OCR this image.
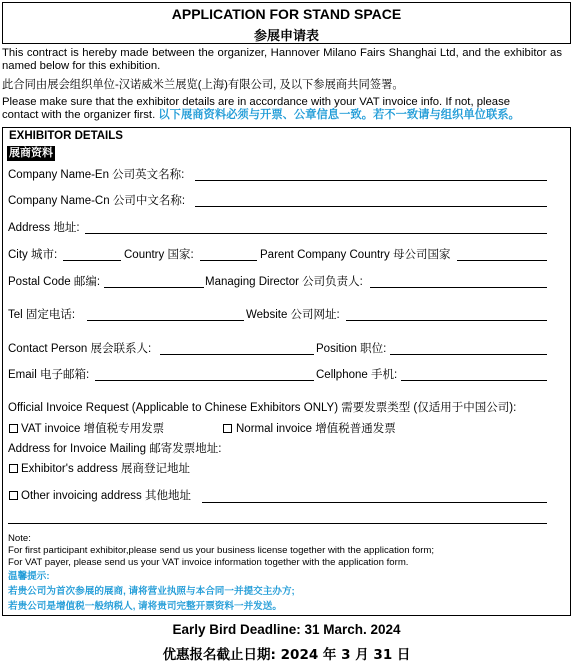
APPLICATION FOR STAND SPACE
参展申请表
This contract is hereby made between the organizer, Hannover Milano Fairs Shanghai Ltd, and the exhibitor as named below for this exhibition.
此合同由展会组织单位-汉诺威米兰展览(上海)有限公司, 及以下参展商共同签署。
Please make sure that the exhibitor details are in accordance with your VAT invoice info. If not, please
contact with the organizer first. 以下展商资料必须与开票、公章信息一致。若不一致请与组织单位联系。
EXHIBITOR DETAILS
展商资料
Company Name-En 公司英文名称:
Company Name-Cn 公司中文名称:
Address 地址:
City 城市:	Country 国家:	Parent Company Country 母公司国家
Postal Code 邮编:	Managing Director 公司负责人:
Tel 固定电话:	Website 公司网址:
Contact Person 展会联系人:	Position 职位:
Email 电子邮箱:	Cellphone 手机:
Official Invoice Request (Applicable to Chinese Exhibitors ONLY) 需要发票类型 (仅适用于中国公司):
VAT invoice 增值税专用发票	Normal invoice 增值税普通发票
Address for Invoice Mailing 邮寄发票地址:
Exhibitor's address 展商登记地址
Other invoicing address 其他地址
Note:
For first participant exhibitor,please send us your business license together with the application form;
For VAT payer, please send us your VAT invoice information together with the application form.
温馨提示:
若贵公司为首次参展的展商, 请将营业执照与本合同一并提交主办方;
若贵公司是增值税一般纳税人, 请将贵司完整开票资料一并发送。
Early Bird Deadline: 31 March. 2024
优惠报名截止日期: 2024 年 3 月 31 日
